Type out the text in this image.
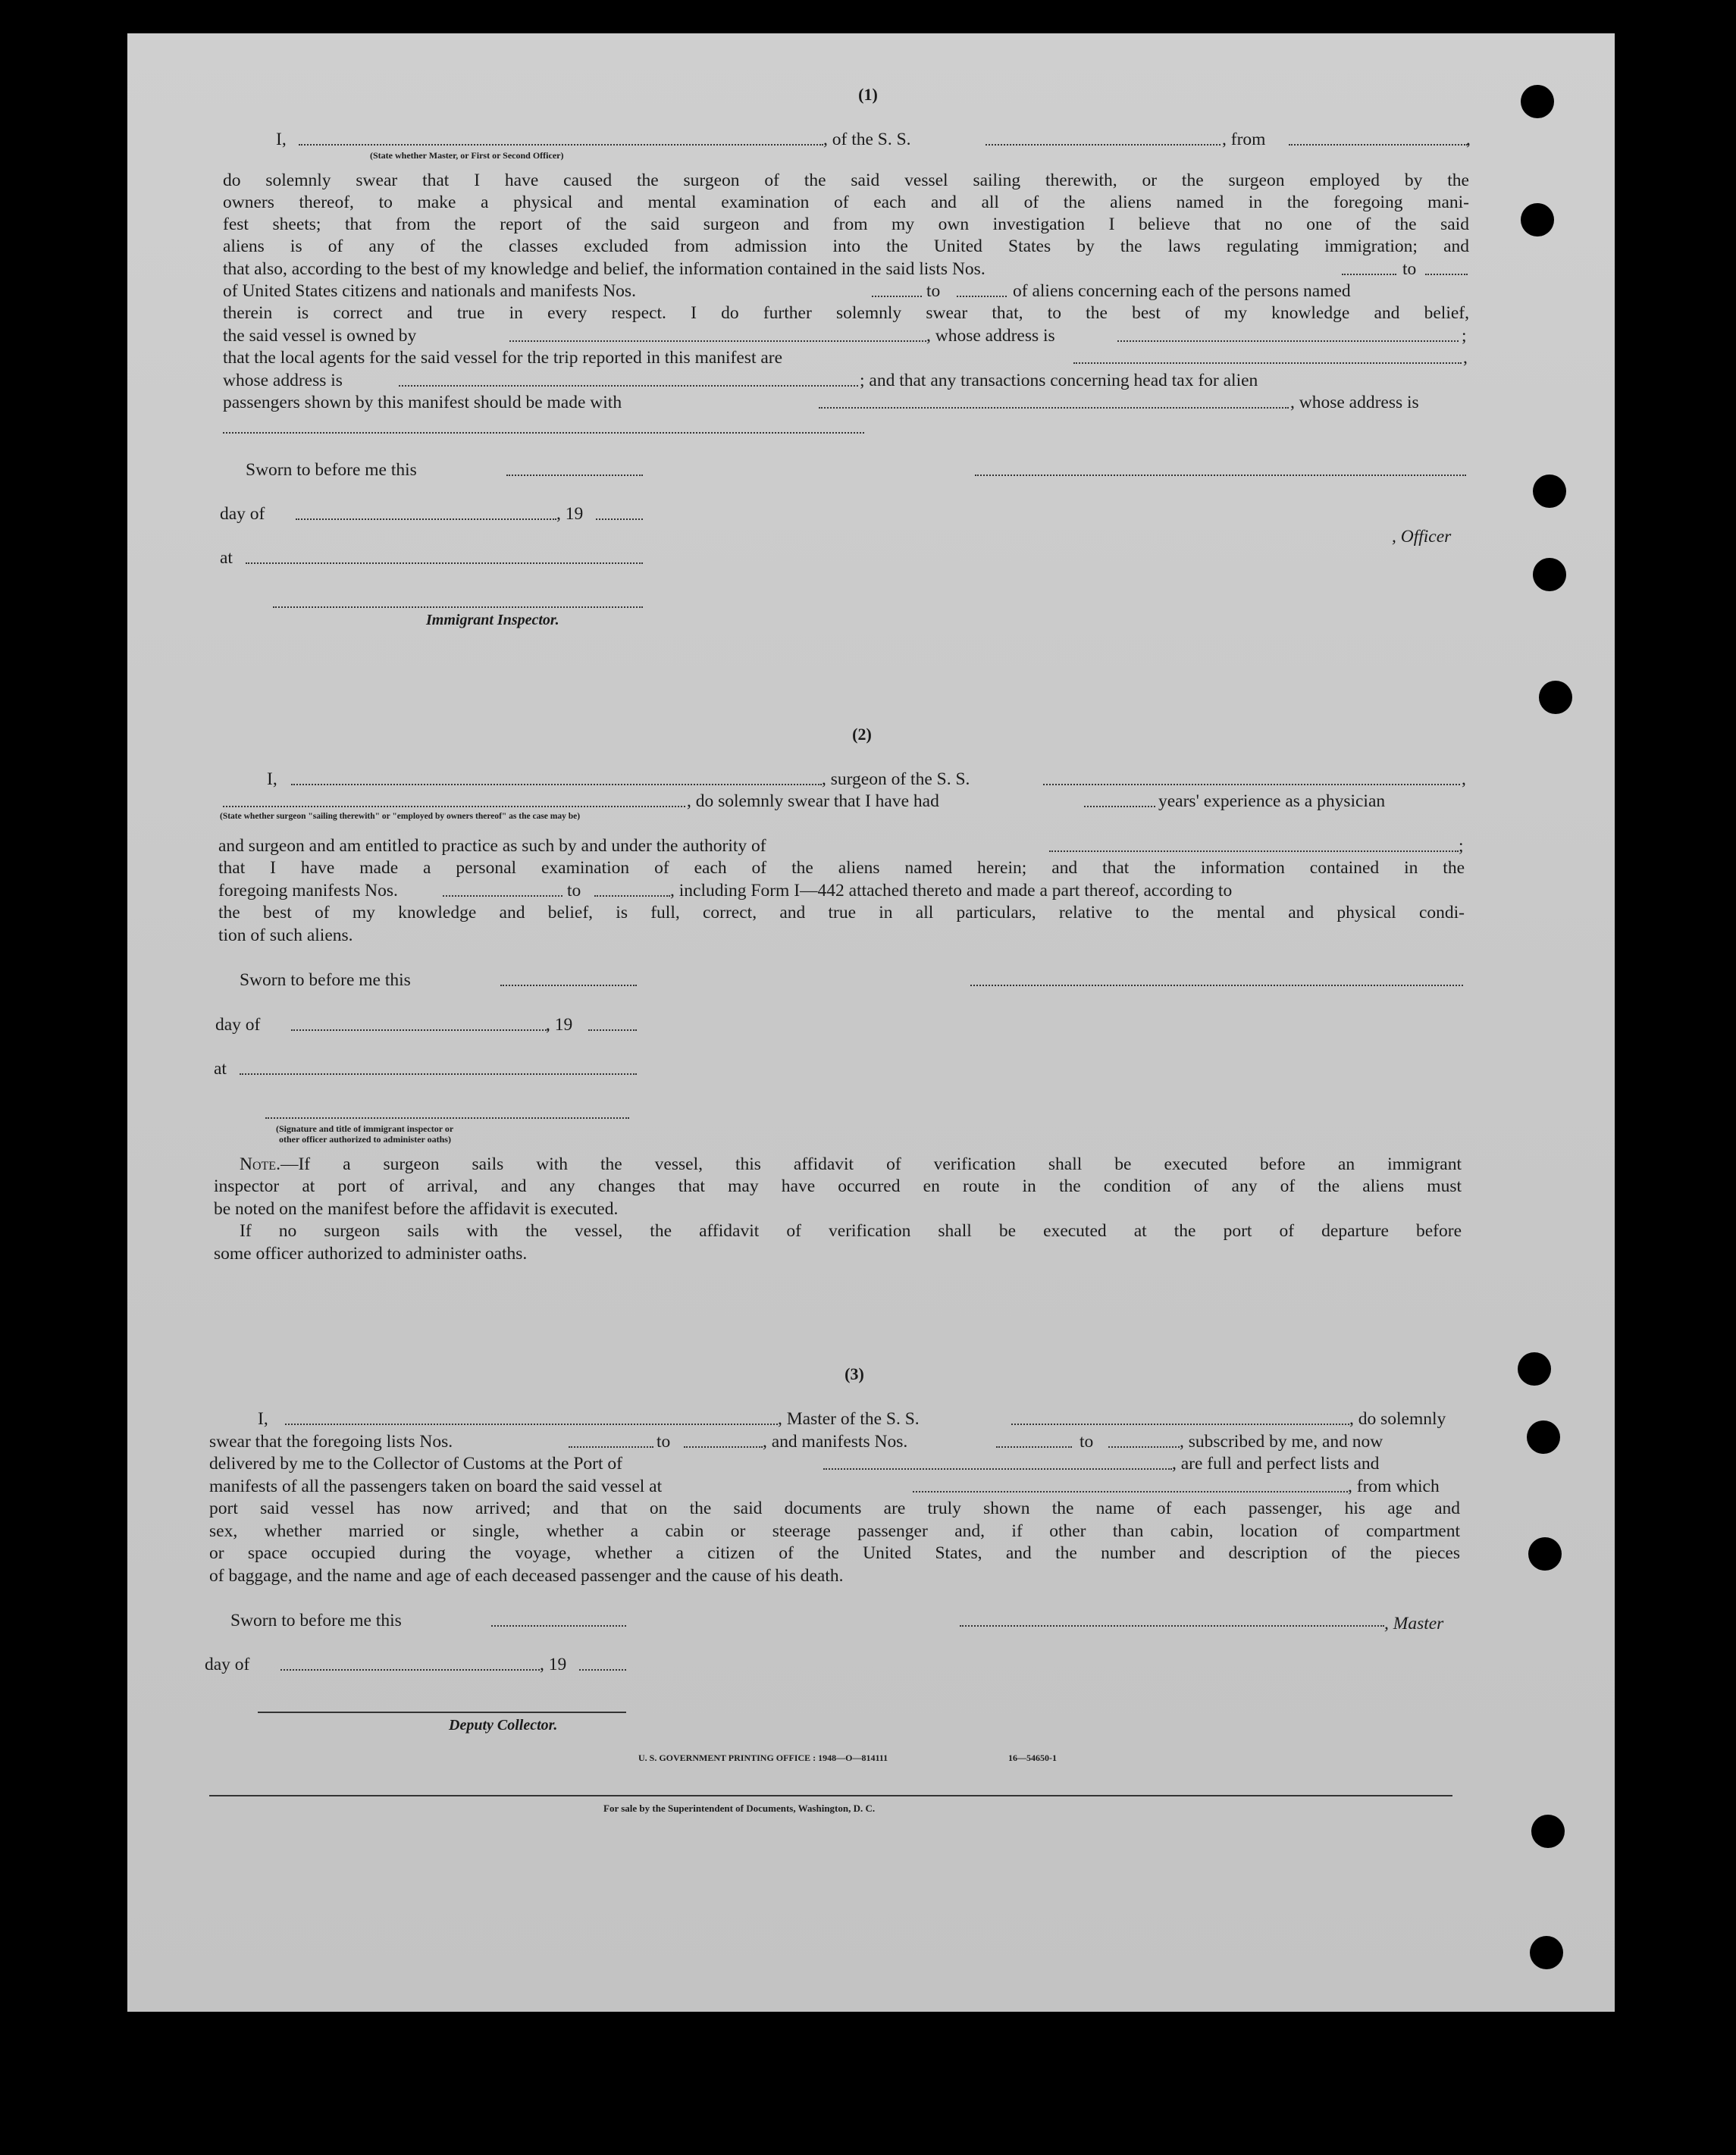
(1)
I,
(State whether Master, or First or Second Officer)
, of the S. S.	, from	,
do solemnly swear that I have caused the surgeon of the said vessel sailing therewith, or the surgeon employed by the
owners thereof, to make a physical and mental examination of each and all of the aliens named in the foregoing mani-
fest sheets; that from the report of the said surgeon and from my own investigation I believe that no one of the said
aliens is of any of the classes excluded from admission into the United States by the laws regulating immigration; and
that also, according to the best of my knowledge and belief, the information contained in the said lists Nos.	to
of United States citizens and nationals and manifests Nos.	to	of aliens concerning each of the persons named
therein is correct and true in every respect. I do further solemnly swear that, to the best of my knowledge and belief,
the said vessel is owned by	, whose address is	;
that the local agents for the said vessel for the trip reported in this manifest are	,
whose address is	; and that any transactions concerning head tax for alien
passengers shown by this manifest should be made with	, whose address is
Sworn to before me this
day of	, 19
, Officer
at
Immigrant Inspector.
(2)
I,	, surgeon of the S. S.	,
, do solemnly swear that I have had	years' experience as a physician
(State whether surgeon "sailing therewith" or "employed by owners thereof" as the case may be)
and surgeon and am entitled to practice as such by and under the authority of	;
that I have made a personal examination of each of the aliens named herein; and that the information contained in the
foregoing manifests Nos.	to	, including Form I—442 attached thereto and made a part thereof, according to
the best of my knowledge and belief, is full, correct, and true in all particulars, relative to the mental and physical condi-
tion of such aliens.
Sworn to before me this
day of	, 19
at
(Signature and title of immigrant inspector or
other officer authorized to administer oaths)
Note.—If a surgeon sails with the vessel, this affidavit of verification shall be executed before an immigrant
inspector at port of arrival, and any changes that may have occurred en route in the condition of any of the aliens must
be noted on the manifest before the affidavit is executed.
If no surgeon sails with the vessel, the affidavit of verification shall be executed at the port of departure before
some officer authorized to administer oaths.
(3)
I,	, Master of the S. S.	, do solemnly
swear that the foregoing lists Nos.	to	, and manifests Nos.	to	, subscribed by me, and now
delivered by me to the Collector of Customs at the Port of	, are full and perfect lists and
manifests of all the passengers taken on board the said vessel at	, from which
port said vessel has now arrived; and that on the said documents are truly shown the name of each passenger, his age and
sex, whether married or single, whether a cabin or steerage passenger and, if other than cabin, location of compartment
or space occupied during the voyage, whether a citizen of the United States, and the number and description of the pieces
of baggage, and the name and age of each deceased passenger and the cause of his death.
Sworn to before me this	, Master
day of	, 19
Deputy Collector.
U. S. GOVERNMENT PRINTING OFFICE : 1948—O—814111	16—54650-1
For sale by the Superintendent of Documents, Washington, D. C.
